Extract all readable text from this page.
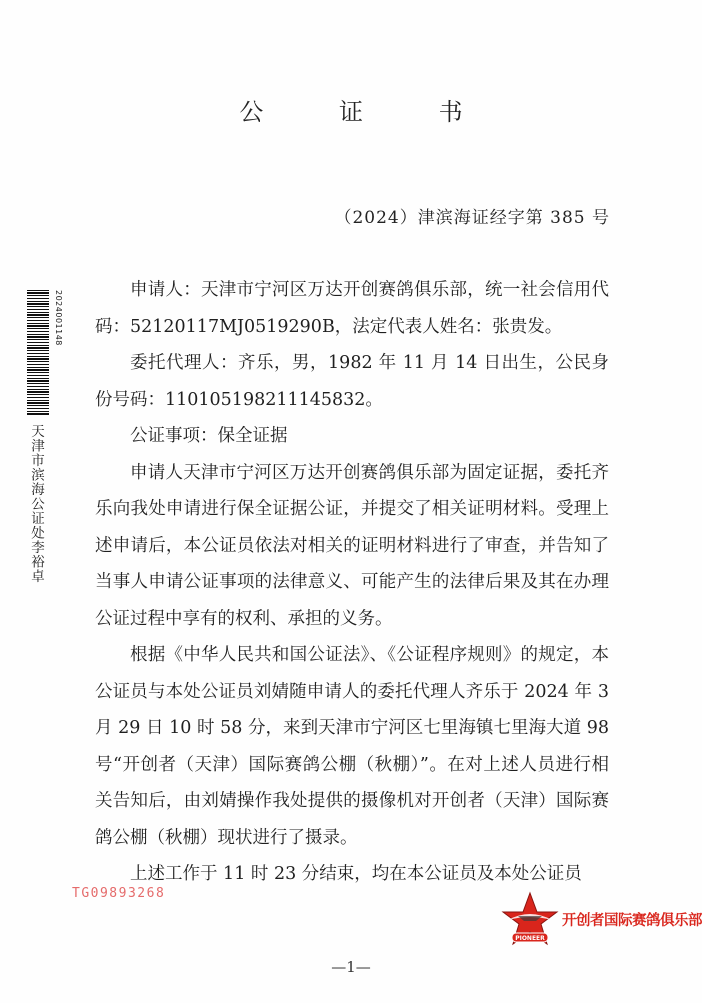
公 证 书
（2024）津滨海证经字第 385 号

申请人：天津市宁河区万达开创赛鸽俱乐部，统一社会信用代码：52120117MJ0519290B，法定代表人姓名：张贵发。

委托代理人：齐乐，男，1982 年 11 月 14 日出生，公民身份号码：110105198211145832。

公证事项：保全证据

申请人天津市宁河区万达开创赛鸽俱乐部为固定证据，委托齐乐向我处申请进行保全证据公证，并提交了相关证明材料。受理上述申请后，本公证员依法对相关的证明材料进行了审查，并告知了当事人申请公证事项的法律意义、可能产生的法律后果及其在办理公证过程中享有的权利、承担的义务。

根据《中华人民共和国公证法》、《公证程序规则》的规定，本公证员与本处公证员刘婧随申请人的委托代理人齐乐于 2024 年 3 月 29 日 10 时 58 分，来到天津市宁河区七里海镇七里海大道 98 号“开创者（天津）国际赛鸽公棚（秋棚）”。在对上述人员进行相关告知后，由刘婧操作我处提供的摄像机对开创者（天津）国际赛鸽公棚（秋棚）现状进行了摄录。

上述工作于 11 时 23 分结束，均在本公证员及本处公证员

2024001148
天津市滨海公证处李裕卓
TG09893268
PIONEER
开创者国际赛鸽俱乐部
—1—
